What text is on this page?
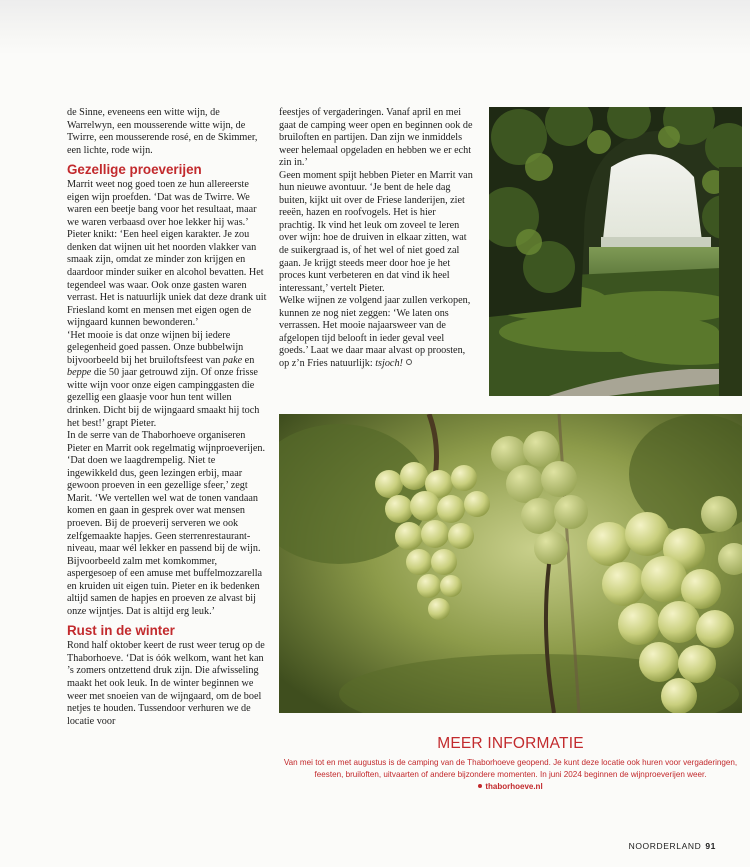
de Sinne, eveneens een witte wijn, de Warrelwyn, een mousserende witte wijn, de Twirre, een mousserende rosé, en de Skimmer, een lichte, rode wijn.

Gezellige proeverijen

Marrit weet nog goed toen ze hun allereerste eigen wijn proefden. ‘Dat was de Twirre. We waren een beetje bang voor het resultaat, maar we waren verbaasd over hoe lekker hij was.’ Pieter knikt: ‘Een heel eigen karakter. Je zou denken dat wijnen uit het noorden vlakker van smaak zijn, omdat ze minder zon krijgen en daardoor minder suiker en alcohol bevatten. Het tegendeel was waar. Ook onze gasten waren verrast. Het is natuurlijk uniek dat deze drank uit Friesland komt en mensen met eigen ogen de wijngaard kunnen bewonderen.’

‘Het mooie is dat onze wijnen bij iedere gelegenheid goed passen. Onze bubbelwijn bijvoorbeeld bij het bruiloftsfeest van pake en beppe die 50 jaar getrouwd zijn. Of onze frisse witte wijn voor onze eigen campinggasten die gezellig een glaasje voor hun tent willen drinken. Dicht bij de wijngaard smaakt hij toch het best!’ grapt Pieter.

In de serre van de Thaborhoeve organiseren Pieter en Marrit ook regelmatig wijnproeverijen. ‘Dat doen we laagdrempelig. Niet te ingewikkeld dus, geen lezingen erbij, maar gewoon proeven in een gezellige sfeer,’ zegt Marit. ‘We vertellen wel wat de tonen vandaan komen en gaan in gesprek over wat mensen proeven. Bij de proeverij serveren we ook zelfgemaakte hapjes. Geen sterrenrestaurant-niveau, maar wél lekker en passend bij de wijn. Bijvoorbeeld zalm met komkommer, aspergesoep of een amuse met buffelmozzarella en kruiden uit eigen tuin. Pieter en ik bedenken altijd samen de hapjes en proeven ze alvast bij onze wijntjes. Dat is altijd erg leuk.’

Rust in de winter

Rond half oktober keert de rust weer terug op de Thaborhoeve. ‘Dat is óók welkom, want het kan ’s zomers ontzettend druk zijn. Die afwisseling maakt het ook leuk. In de winter beginnen we weer met snoeien van de wijngaard, om de boel netjes te houden. Tussendoor verhuren we de locatie voor

feestjes of vergaderingen. Vanaf april en mei gaat de camping weer open en beginnen ook de bruiloften en partijen. Dan zijn we inmiddels weer helemaal opgeladen en hebben we er echt zin in.’

Geen moment spijt hebben Pieter en Marrit van hun nieuwe avontuur. ‘Je bent de hele dag buiten, kijkt uit over de Friese landerijen, ziet reeën, hazen en roofvogels. Het is hier prachtig. Ik vind het leuk om zoveel te leren over wijn: hoe de druiven in elkaar zitten, wat de suikergraad is, of het wel of niet goed zal gaan. Je krijgt steeds meer door hoe je het proces kunt verbeteren en dat vind ik heel interessant,’ vertelt Pieter.

Welke wijnen ze volgend jaar zullen verkopen, kunnen ze nog niet zeggen: ‘We laten ons verrassen. Het mooie najaarsweer van de afgelopen tijd belooft in ieder geval veel goeds.’ Laat we daar maar alvast op proosten, op z’n Fries natuurlijk: tsjoch!

MEER INFORMATIE
Van mei tot en met augustus is de camping van de Thaborhoeve geopend. Je kunt deze locatie ook huren voor vergaderingen, feesten, bruiloften, uitvaarten of andere bijzondere momenten. In juni 2024 beginnen de wijnproeverijen weer.
thaborhoeve.nl
NOORDERLAND 91
